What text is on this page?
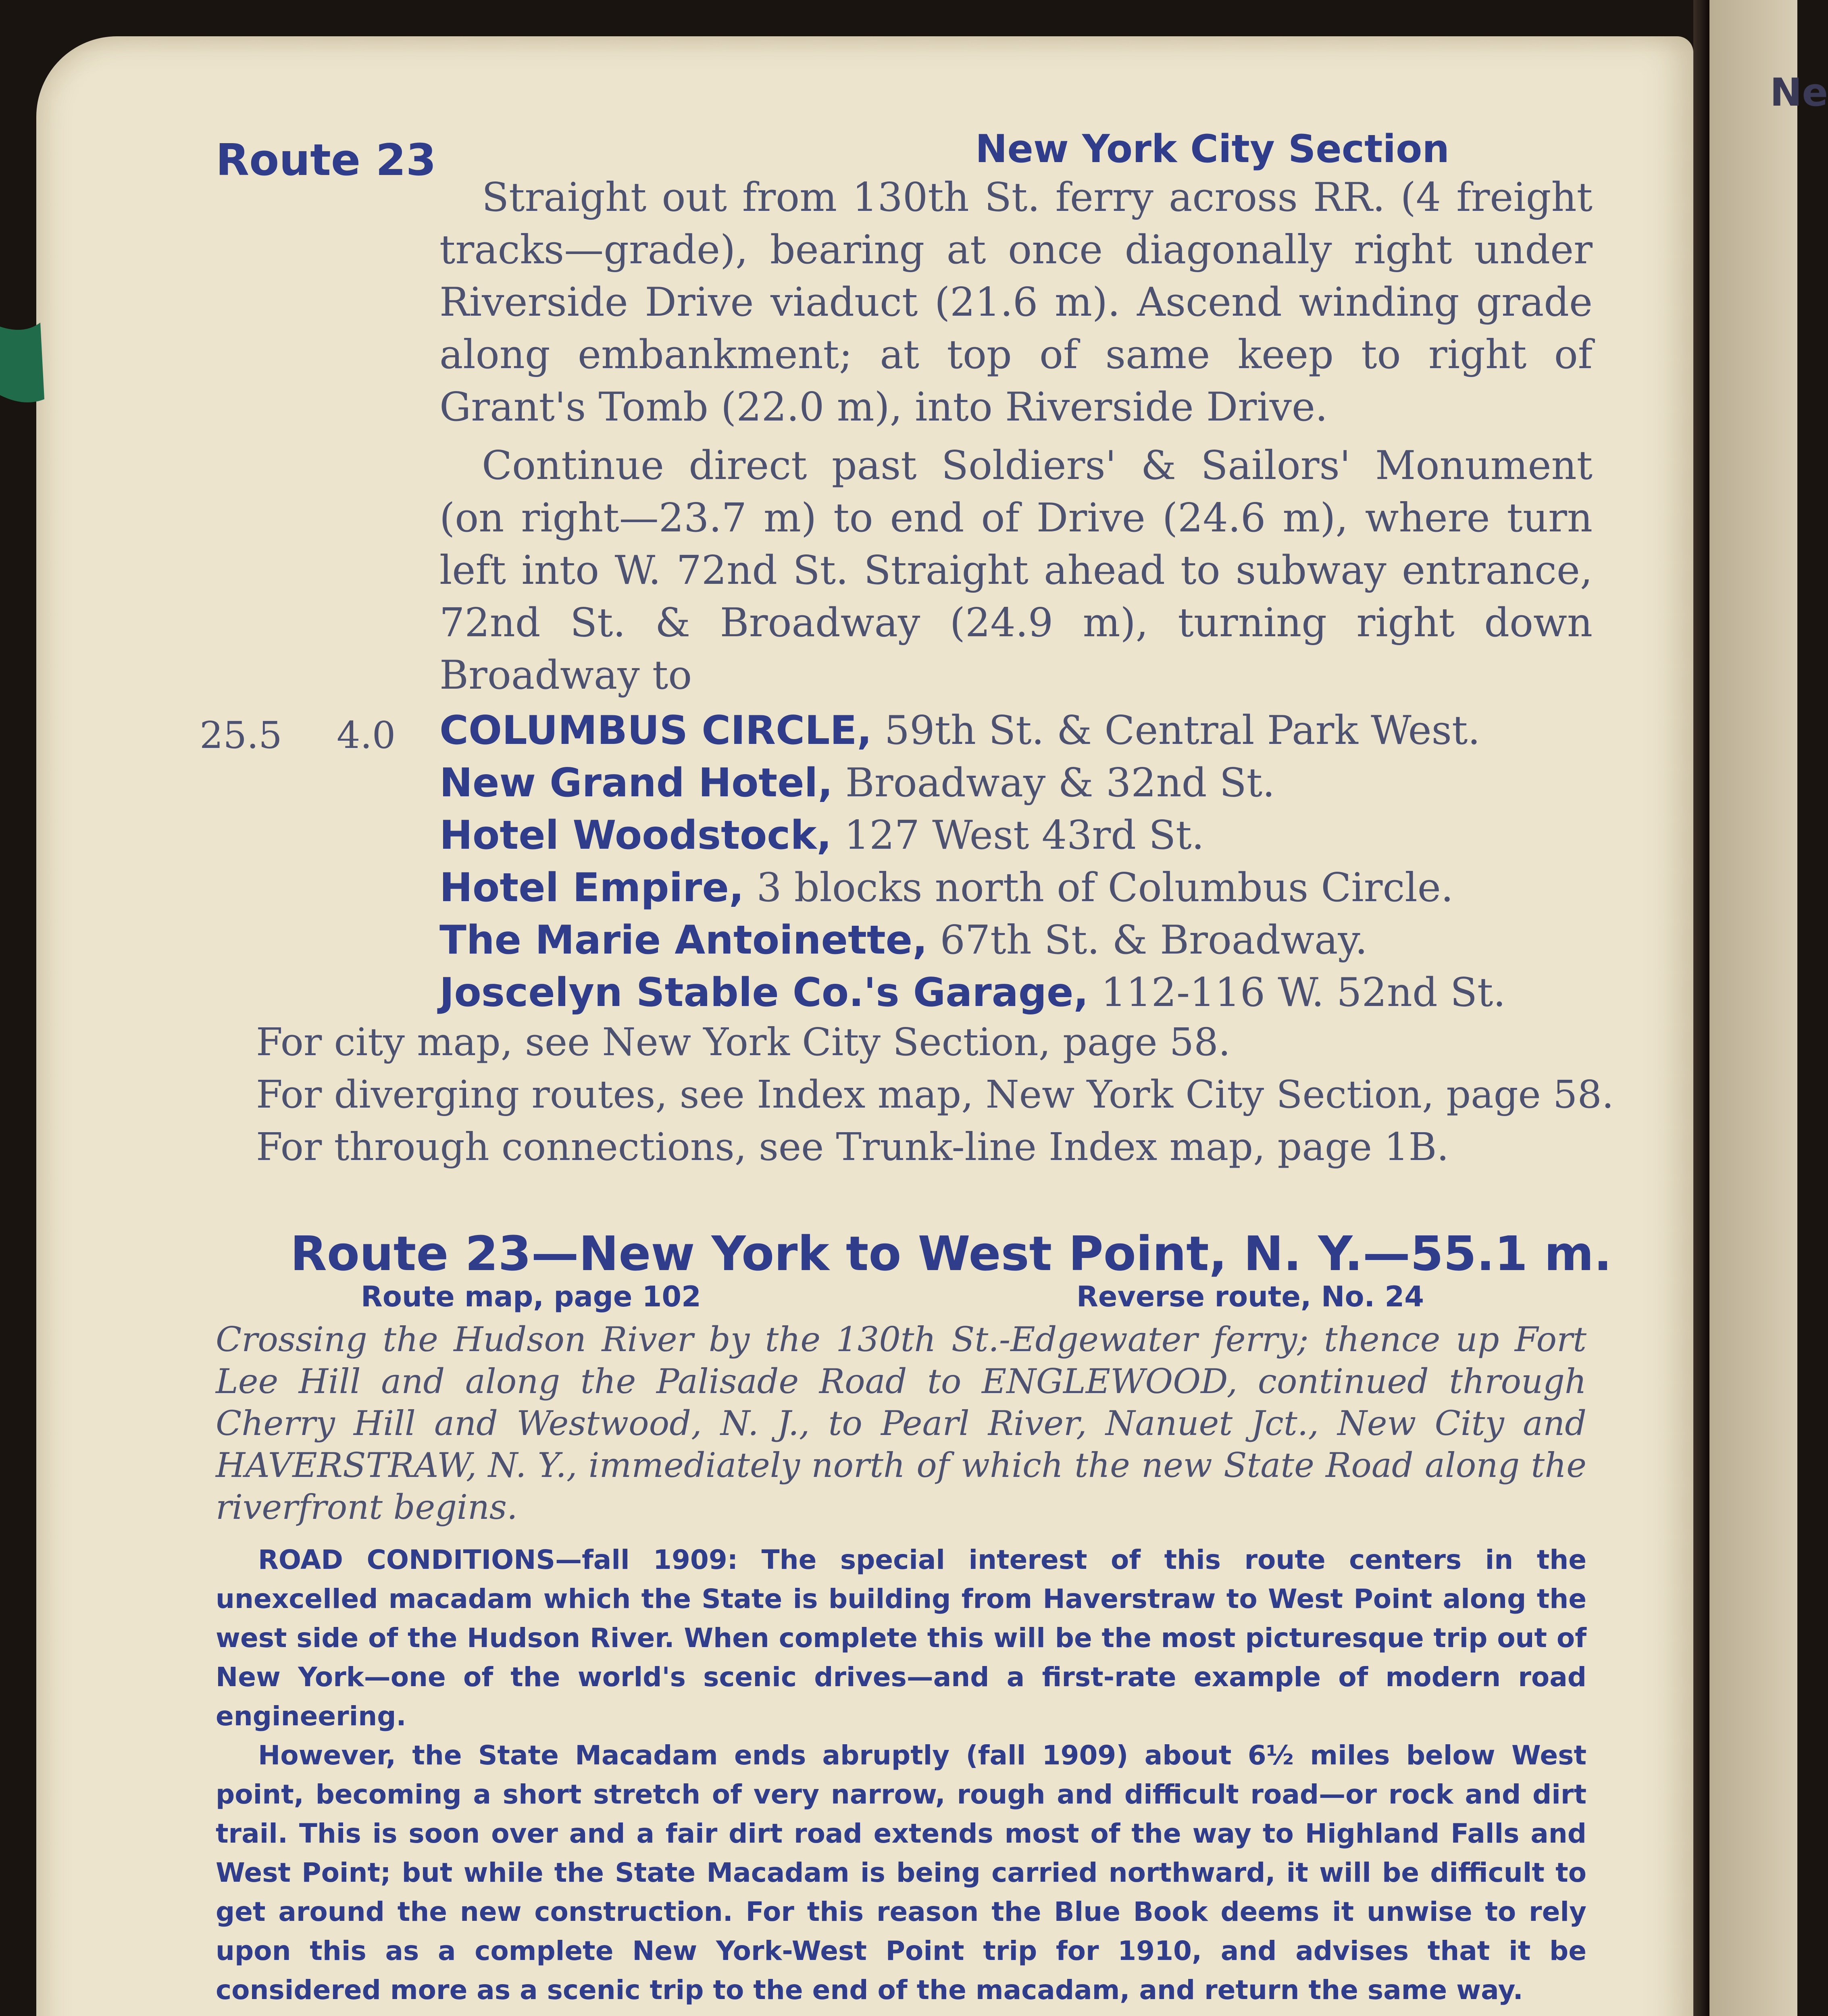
Route 23	New York City Section
Straight out from 130th St. ferry across RR. (4 freight tracks—grade), bearing at once diagonally right under Riverside Drive viaduct (21.6 m). Ascend winding grade along embankment; at top of same keep to right of Grant's Tomb (22.0 m), into Riverside Drive.
Continue direct past Soldiers' & Sailors' Monument (on right—23.7 m) to end of Drive (24.6 m), where turn left into W. 72nd St. Straight ahead to subway entrance, 72nd St. & Broadway (24.9 m), turning right down Broadway to
25.5 4.0 COLUMBUS CIRCLE, 59th St. & Central Park West.
New Grand Hotel, Broadway & 32nd St.
Hotel Woodstock, 127 West 43rd St.
Hotel Empire, 3 blocks north of Columbus Circle.
The Marie Antoinette, 67th St. & Broadway.
Joscelyn Stable Co.'s Garage, 112-116 W. 52nd St.
For city map, see New York City Section, page 58.
For diverging routes, see Index map, New York City Section, page 58.
For through connections, see Trunk-line Index map, page 1B.
Route 23—New York to West Point, N. Y.—55.1 m.
Route map, page 102	Reverse route, No. 24
Crossing the Hudson River by the 130th St.-Edgewater ferry; thence up Fort Lee Hill and along the Palisade Road to ENGLEWOOD, continued through Cherry Hill and Westwood, N. J., to Pearl River, Nanuet Jct., New City and HAVERSTRAW, N. Y., immediately north of which the new State Road along the riverfront begins.
ROAD CONDITIONS—fall 1909: The special interest of this route centers in the unexcelled macadam which the State is building from Haverstraw to West Point along the west side of the Hudson River. When complete this will be the most picturesque trip out of New York—one of the world's scenic drives—and a first-rate example of modern road engineering.
However, the State Macadam ends abruptly (fall 1909) about 6½ miles below West point, becoming a short stretch of very narrow, rough and difficult road—or rock and dirt trail. This is soon over and a fair dirt road extends most of the way to Highland Falls and West Point; but while the State Macadam is being carried northward, it will be difficult to get around the new construction. For this reason the Blue Book deems it unwise to rely upon this as a complete New York-West Point trip for 1910, and advises that it be considered more as a scenic trip to the end of the macadam, and return the same way.
Ne
